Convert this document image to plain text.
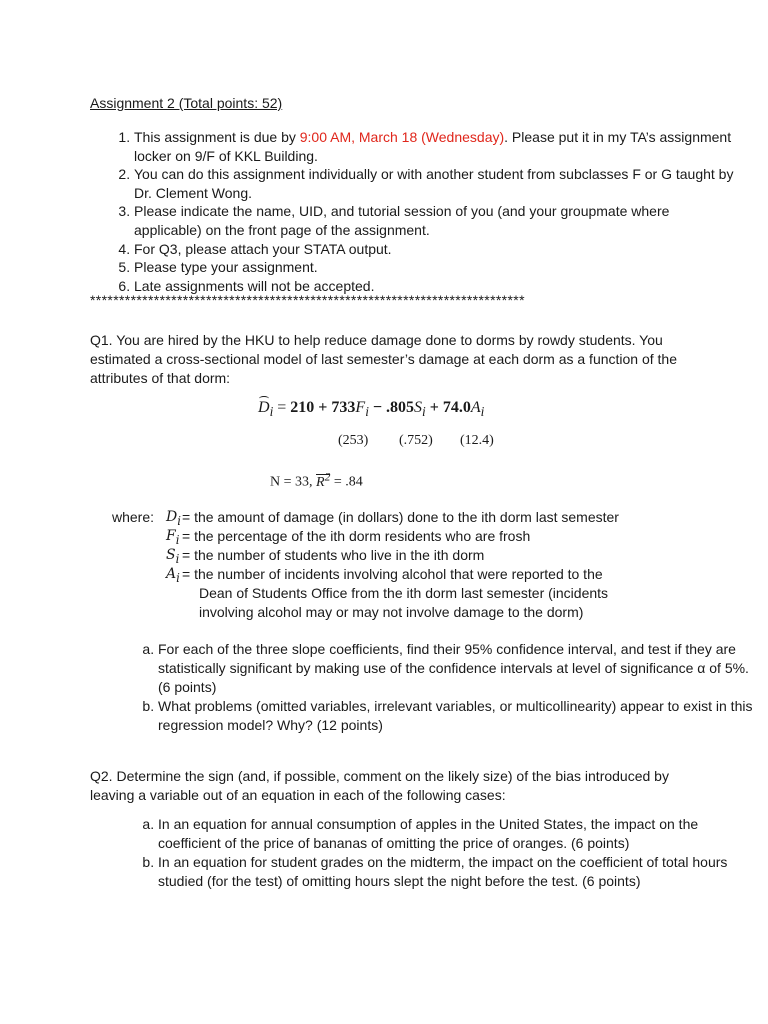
Assignment 2 (Total points: 52)
1. This assignment is due by 9:00 AM, March 18 (Wednesday). Please put it in my TA’s assignment locker on 9/F of KKL Building.
2. You can do this assignment individually or with another student from subclasses F or G taught by Dr. Clement Wong.
3. Please indicate the name, UID, and tutorial session of you (and your groupmate where applicable) on the front page of the assignment.
4. For Q3, please attach your STATA output.
5. Please type your assignment.
6. Late assignments will not be accepted.
***************************************************************************
Q1. You are hired by the HKU to help reduce damage done to dorms by rowdy students. You estimated a cross-sectional model of last semester’s damage at each dorm as a function of the attributes of that dorm:
$D_i = 210 + 733F_i - .805S_i + 74.0A_i$
(253) (.752) (12.4)
N = 33, $R^2 = .84$
where: $D_i$ = the amount of damage (in dollars) done to the ith dorm last semester
$F_i$ = the percentage of the ith dorm residents who are frosh
$S_i$ = the number of students who live in the ith dorm
$A_i$ = the number of incidents involving alcohol that were reported to the
Dean of Students Office from the ith dorm last semester (incidents
involving alcohol may or may not involve damage to the dorm)
a. For each of the three slope coefficients, find their 95% confidence interval, and test if they are statistically significant by making use of the confidence intervals at level of significance α of 5%. (6 points)
b. What problems (omitted variables, irrelevant variables, or multicollinearity) appear to exist in this regression model? Why? (12 points)
Q2. Determine the sign (and, if possible, comment on the likely size) of the bias introduced by leaving a variable out of an equation in each of the following cases:
a. In an equation for annual consumption of apples in the United States, the impact on the coefficient of the price of bananas of omitting the price of oranges. (6 points)
b. In an equation for student grades on the midterm, the impact on the coefficient of total hours studied (for the test) of omitting hours slept the night before the test. (6 points)
